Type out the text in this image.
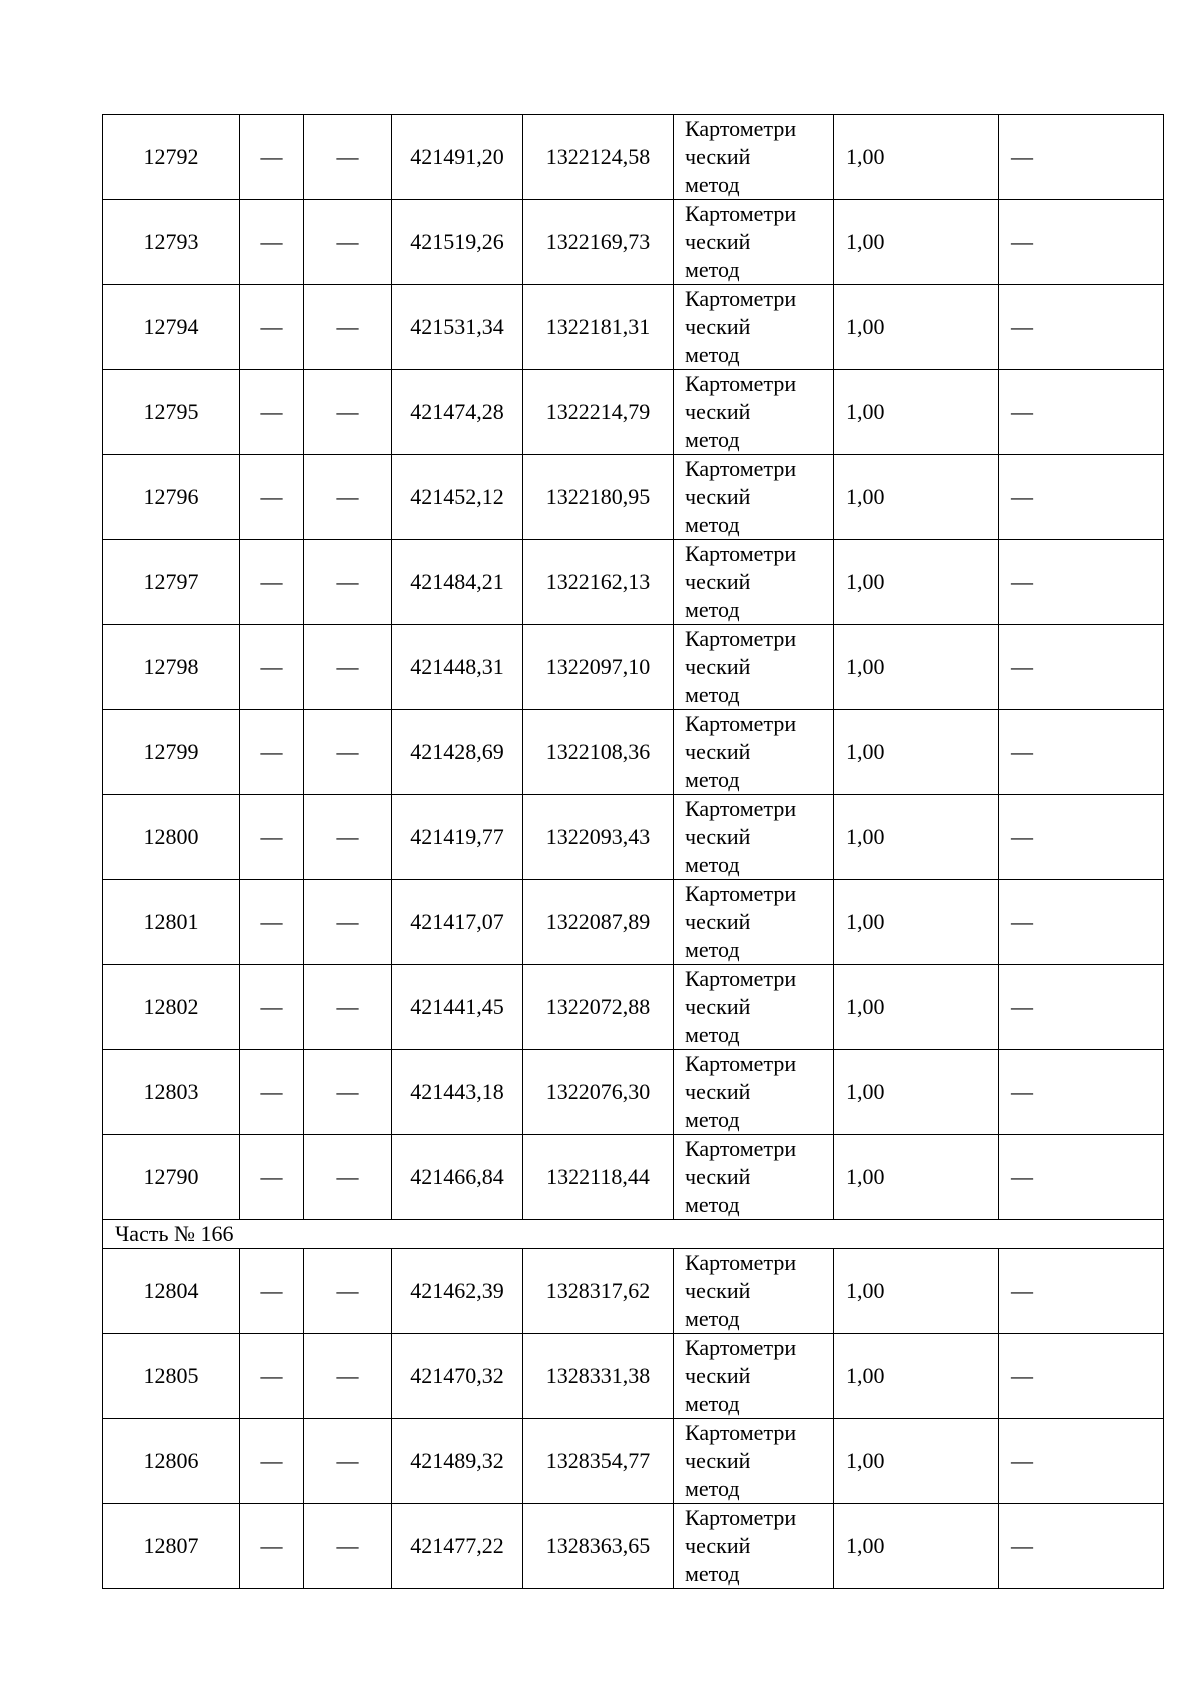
12792	—	—	421491,20	1322124,58	Картометри
ческий
метод	1,00	—
12793	—	—	421519,26	1322169,73	Картометри
ческий
метод	1,00	—
12794	—	—	421531,34	1322181,31	Картометри
ческий
метод	1,00	—
12795	—	—	421474,28	1322214,79	Картометри
ческий
метод	1,00	—
12796	—	—	421452,12	1322180,95	Картометри
ческий
метод	1,00	—
12797	—	—	421484,21	1322162,13	Картометри
ческий
метод	1,00	—
12798	—	—	421448,31	1322097,10	Картометри
ческий
метод	1,00	—
12799	—	—	421428,69	1322108,36	Картометри
ческий
метод	1,00	—
12800	—	—	421419,77	1322093,43	Картометри
ческий
метод	1,00	—
12801	—	—	421417,07	1322087,89	Картометри
ческий
метод	1,00	—
12802	—	—	421441,45	1322072,88	Картометри
ческий
метод	1,00	—
12803	—	—	421443,18	1322076,30	Картометри
ческий
метод	1,00	—
12790	—	—	421466,84	1322118,44	Картометри
ческий
метод	1,00	—
Часть № 166							
12804	—	—	421462,39	1328317,62	Картометри
ческий
метод	1,00	—
12805	—	—	421470,32	1328331,38	Картометри
ческий
метод	1,00	—
12806	—	—	421489,32	1328354,77	Картометри
ческий
метод	1,00	—
12807	—	—	421477,22	1328363,65	Картометри
ческий
метод	1,00	—
